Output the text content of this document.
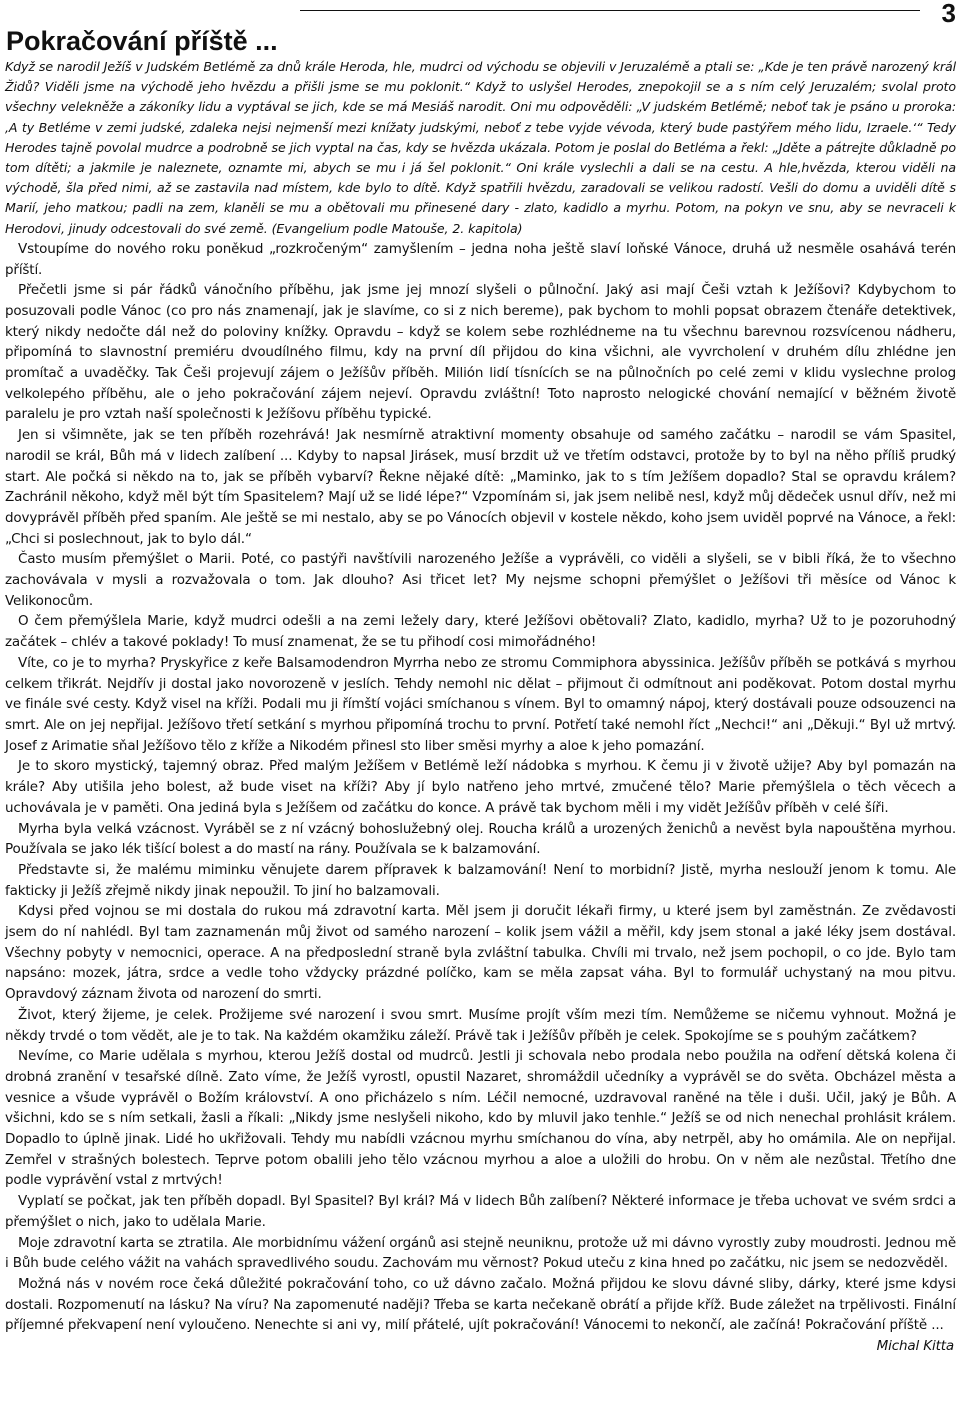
3
Pokračování příště ...

Když se narodil Ježíš v Judském Betlémě za dnů krále Heroda, hle, mudrci od východu se objevili v Jeruzalémě a ptali se: „Kde je ten právě narozený král Židů? Viděli jsme na východě jeho hvězdu a přišli jsme se mu poklonit.“ Když to uslyšel Herodes, znepokojil se a s ním celý Jeruzalém; svolal proto všechny velekněže a zákoníky lidu a vyptával se jich, kde se má Mesiáš narodit. Oni mu odpověděli: „V judském Betlémě; neboť tak je psáno u proroka: ‚A ty Betléme v zemi judské, zdaleka nejsi nejmenší mezi knížaty judskými, neboť z tebe vyjde vévoda, který bude pastýřem mého lidu, Izraele.‘“ Tedy Herodes tajně povolal mudrce a podrobně se jich vyptal na čas, kdy se hvězda ukázala. Potom je poslal do Betléma a řekl: „Jděte a pátrejte důkladně po tom dítěti; a jakmile je naleznete, oznamte mi, abych se mu i já šel poklonit.“ Oni krále vyslechli a dali se na cestu. A hle,hvězda, kterou viděli na východě, šla před nimi, až se zastavila nad místem, kde bylo to dítě. Když spatřili hvězdu, zaradovali se velikou radostí. Vešli do domu a uviděli dítě s Marií, jeho matkou; padli na zem, klaněli se mu a obětovali mu přinesené dary - zlato, kadidlo a myrhu. Potom, na pokyn ve snu, aby se nevraceli k Herodovi, jinudy odcestovali do své země. (Evangelium podle Matouše, 2. kapitola)

Vstoupíme do nového roku poněkud „rozkročeným“ zamyšlením – jedna noha ještě slaví loňské Vánoce, druhá už nesměle osahává terén příští.

Přečetli jsme si pár řádků vánočního příběhu, jak jsme jej mnozí slyšeli o půlnoční. Jaký asi mají Češi vztah k Ježíšovi? Kdybychom to posuzovali podle Vánoc (co pro nás znamenají, jak je slavíme, co si z nich bereme), pak bychom to mohli popsat obrazem čtenáře detektivek, který nikdy nedočte dál než do poloviny knížky. Opravdu – když se kolem sebe rozhlédneme na tu všechnu barevnou rozsvícenou nádheru, připomíná to slavnostní premiéru dvoudílného filmu, kdy na první díl přijdou do kina všichni, ale vyvrcholení v druhém dílu zhlédne jen promítač a uvaděčky. Tak Češi projevují zájem o Ježíšův příběh. Milión lidí tísnících se na půlnočních po celé zemi v klidu vyslechne prolog velkolepého příběhu, ale o jeho pokračování zájem nejeví. Opravdu zvláštní! Toto naprosto nelogické chování nemající v běžném životě paralelu je pro vztah naší společnosti k Ježíšovu příběhu typické.

Jen si všimněte, jak se ten příběh rozehrává! Jak nesmírně atraktivní momenty obsahuje od samého začátku – narodil se vám Spasitel, narodil se král, Bůh má v lidech zalíbení ... Kdyby to napsal Jirásek, musí brzdit už ve třetím odstavci, protože by to byl na něho příliš prudký start. Ale počká si někdo na to, jak se příběh vybarví? Řekne nějaké dítě: „Maminko, jak to s tím Ježíšem dopadlo? Stal se opravdu králem? Zachránil někoho, když měl být tím Spasitelem? Mají už se lidé lépe?“ Vzpomínám si, jak jsem nelibě nesl, když můj dědeček usnul dřív, než mi dovyprávěl příběh před spaním. Ale ještě se mi nestalo, aby se po Vánocích objevil v kostele někdo, koho jsem uviděl poprvé na Vánoce, a řekl: „Chci si poslechnout, jak to bylo dál.“

Často musím přemýšlet o Marii. Poté, co pastýři navštívili narozeného Ježíše a vyprávěli, co viděli a slyšeli, se v bibli říká, že to všechno zachovávala v mysli a rozvažovala o tom. Jak dlouho? Asi třicet let? My nejsme schopni přemýšlet o Ježíšovi tři měsíce od Vánoc k Velikonocům.

O čem přemýšlela Marie, když mudrci odešli a na zemi ležely dary, které Ježíšovi obětovali? Zlato, kadidlo, myrha? Už to je pozoruhodný začátek – chlév a takové poklady! To musí znamenat, že se tu přihodí cosi mimořádného!

Víte, co je to myrha? Pryskyřice z keře Balsamodendron Myrrha nebo ze stromu Commiphora abyssinica. Ježíšův příběh se potkává s myrhou celkem třikrát. Nejdřív ji dostal jako novorozeně v jeslích. Tehdy nemohl nic dělat – přijmout či odmítnout ani poděkovat. Potom dostal myrhu ve finále své cesty. Když visel na kříži. Podali mu ji římští vojáci smíchanou s vínem. Byl to omamný nápoj, který dostávali pouze odsouzenci na smrt. Ale on jej nepřijal. Ježíšovo třetí setkání s myrhou připomíná trochu to první. Potřetí také nemohl říct „Nechci!“ ani „Děkuji.“ Byl už mrtvý. Josef z Arimatie sňal Ježíšovo tělo z kříže a Nikodém přinesl sto liber směsi myrhy a aloe k jeho pomazání.

Je to skoro mystický, tajemný obraz. Před malým Ježíšem v Betlémě leží nádobka s myrhou. K čemu ji v životě užije? Aby byl pomazán na krále? Aby utišila jeho bolest, až bude viset na kříži? Aby jí bylo natřeno jeho mrtvé, zmučené tělo? Marie přemýšlela o těch věcech a uchovávala je v paměti. Ona jediná byla s Ježíšem od začátku do konce. A právě tak bychom měli i my vidět Ježíšův příběh v celé šíři.

Myrha byla velká vzácnost. Vyráběl se z ní vzácný bohoslužebný olej. Roucha králů a urozených ženichů a nevěst byla napouštěna myrhou. Používala se jako lék tišící bolest a do mastí na rány. Používala se k balzamování.

Představte si, že malému miminku věnujete darem přípravek k balzamování! Není to morbidní? Jistě, myrha neslouží jenom k tomu. Ale fakticky ji Ježíš zřejmě nikdy jinak nepoužil. To jiní ho balzamovali.

Kdysi před vojnou se mi dostala do rukou má zdravotní karta. Měl jsem ji doručit lékaři firmy, u které jsem byl zaměstnán. Ze zvědavosti jsem do ní nahlédl. Byl tam zaznamenán můj život od samého narození – kolik jsem vážil a měřil, kdy jsem stonal a jaké léky jsem dostával. Všechny pobyty v nemocnici, operace. A na předposlední straně byla zvláštní tabulka. Chvíli mi trvalo, než jsem pochopil, o co jde. Bylo tam napsáno: mozek, játra, srdce a vedle toho vždycky prázdné políčko, kam se měla zapsat váha. Byl to formulář uchystaný na mou pitvu. Opravdový záznam života od narození do smrti.

Život, který žijeme, je celek. Prožijeme své narození i svou smrt. Musíme projít vším mezi tím. Nemůžeme se ničemu vyhnout. Možná je někdy trvdé o tom vědět, ale je to tak. Na každém okamžiku záleží. Právě tak i Ježíšův příběh je celek. Spokojíme se s pouhým začátkem?

Nevíme, co Marie udělala s myrhou, kterou Ježíš dostal od mudrců. Jestli ji schovala nebo prodala nebo použila na odření dětská kolena či drobná zranění v tesařské dílně. Zato víme, že Ježíš vyrostl, opustil Nazaret, shromáždil učedníky a vyprávěl se do světa. Obcházel města a vesnice a všude vyprávěl o Božím království. A ono přicházelo s ním. Léčil nemocné, uzdravoval raněné na těle i duši. Učil, jaký je Bůh. A všichni, kdo se s ním setkali, žasli a říkali: „Nikdy jsme neslyšeli nikoho, kdo by mluvil jako tenhle.“ Ježíš se od nich nenechal prohlásit králem. Dopadlo to úplně jinak. Lidé ho ukřižovali. Tehdy mu nabídli vzácnou myrhu smíchanou do vína, aby netrpěl, aby ho omámila. Ale on nepřijal. Zemřel v strašných bolestech. Teprve potom obalili jeho tělo vzácnou myrhou a aloe a uložili do hrobu. On v něm ale nezůstal. Třetího dne podle vyprávění vstal z mrtvých!

Vyplatí se počkat, jak ten příběh dopadl. Byl Spasitel? Byl král? Má v lidech Bůh zalíbení? Některé informace je třeba uchovat ve svém srdci a přemýšlet o nich, jako to udělala Marie.

Moje zdravotní karta se ztratila. Ale morbidnímu vážení orgánů asi stejně neuniknu, protože už mi dávno vyrostly zuby moudrosti. Jednou mě i Bůh bude celého vážit na vahách spravedlivého soudu. Zachovám mu věrnost? Pokud uteču z kina hned po začátku, nic jsem se nedozvěděl.

Možná nás v novém roce čeká důležité pokračování toho, co už dávno začalo. Možná přijdou ke slovu dávné sliby, dárky, které jsme kdysi dostali. Rozpomenutí na lásku? Na víru? Na zapomenuté naději? Třeba se karta nečekaně obrátí a přijde kříž. Bude záležet na trpělivosti. Finální příjemné překvapení není vyloučeno. Nenechte si ani vy, milí přátelé, ujít pokračování! Vánocemi to nekončí, ale začíná! Pokračování příště ...
Michal Kitta
